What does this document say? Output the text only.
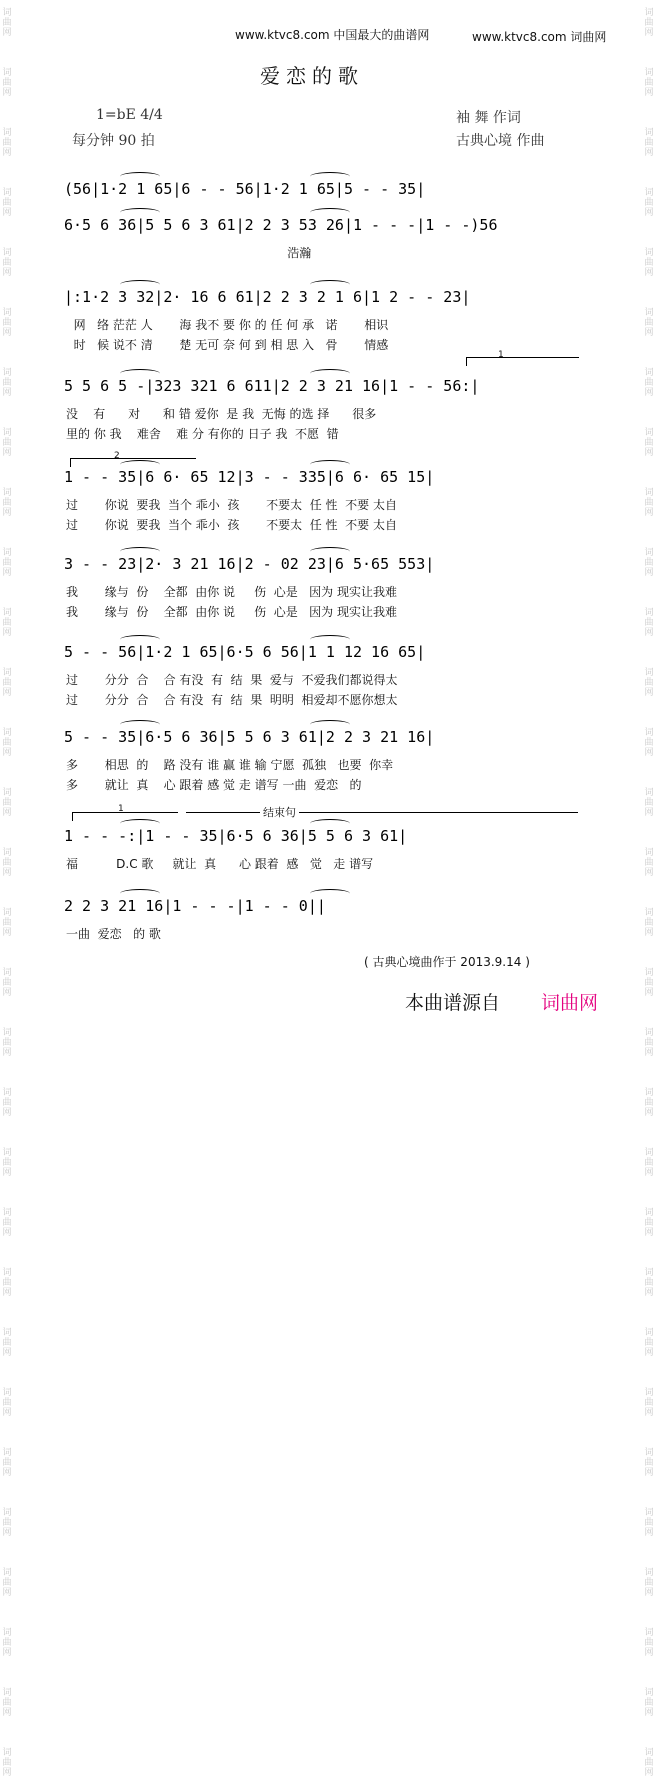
词曲网
词曲网
词曲网
词曲网
词曲网
词曲网
词曲网
词曲网
词曲网
词曲网
词曲网
词曲网
词曲网
词曲网
词曲网
词曲网
词曲网
词曲网
词曲网
词曲网
词曲网
词曲网
词曲网
词曲网
词曲网
词曲网
词曲网
词曲网
词曲网
词曲网
词曲网
词曲网
词曲网
词曲网
词曲网
词曲网
词曲网
词曲网
词曲网
词曲网
词曲网
词曲网
词曲网
词曲网
词曲网
词曲网
词曲网
词曲网
词曲网
词曲网
词曲网
词曲网
词曲网
词曲网
词曲网
词曲网
词曲网
词曲网
词曲网
词曲网
www.ktvc8.com 中国最大的曲谱网	www.ktvc8.com 词曲网
爱恋的歌
1=bE 4/4
每分钟 90 拍
袖 舞 作词
古典心境 作曲
(56|1·2 1 65|6 - - 56|1·2 1 65|5 - - 35|
6·5 6 36|5 5 6 3 61|2 2 3 53 26|1 - - -|1 - -)56
浩瀚
|:1·2 3 32|2· 16 6 61|2 2 3 2 1 6|1 2 - - 23|
网   络 茫茫 人       海 我不 要 你 的 任 何 承   诺       相识
时   候 说不 清       楚 无可 奈 何 到 相 思 入   骨       情感
5 5 6 5 -|323 321 6 611|2 2 3 21 16|1 - - 56:|
没    有      对      和 错 爱你  是 我  无悔 的选 择      很多
里的 你 我    难舍    难 分 有你的 日子 我  不愿  错
1 - - 35|6 6· 65 12|3 - - 335|6 6· 65 15|
过       你说  要我  当个 乖小  孩       不要太  任 性  不要 太自
过       你说  要我  当个 乖小  孩       不要太  任 性  不要 太自
3 - - 23|2· 3 21 16|2 - 02 23|6 5·65 553|
我       缘与  份    全都  由你 说     伤  心是   因为 现实让我难
我       缘与  份    全都  由你 说     伤  心是   因为 现实让我难
5 - - 56|1·2 1 65|6·5 6 56|1 1 12 16 65|
过       分分  合    合 有没  有  结  果  爱与  不爱我们都说得太
过       分分  合    合 有没  有  结  果  明明  相爱却不愿你想太
5 - - 35|6·5 6 36|5 5 6 3 61|2 2 3 21 16|
多       相思  的    路 没有 谁 赢 谁 输 宁愿  孤独   也要  你幸
多       就让  真    心 跟着 感 觉 走 谱写 一曲  爱恋   的
1 - - -:|1 - - 35|6·5 6 36|5 5 6 3 61|
福          D.C 歌     就让  真      心 跟着  感   觉   走 谱写
2 2 3 21 16|1 - - -|1 - - 0||
一曲  爱恋   的 歌
1
2
1	结束句
( 古典心境曲作于 2013.9.14 )
本曲谱源自 词曲网
